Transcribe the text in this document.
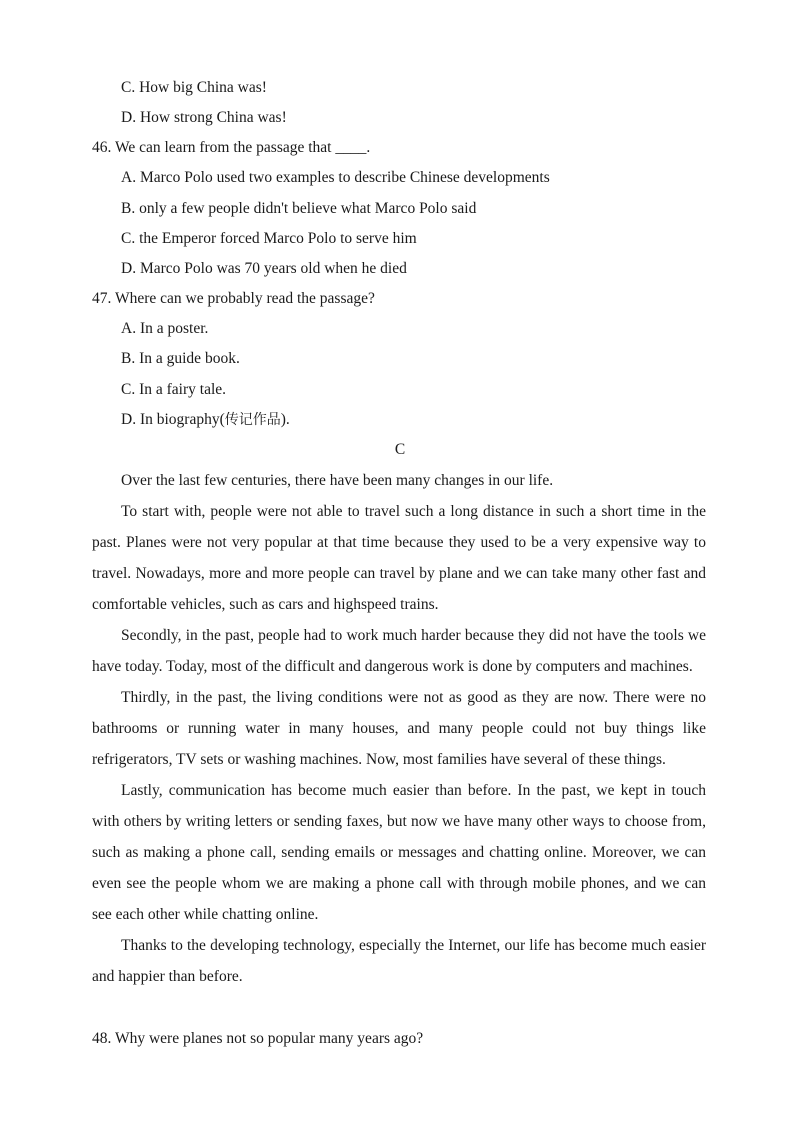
C. How big China was!
D. How strong China was!
46. We can learn from the passage that ____.
A. Marco Polo used two examples to describe Chinese developments
B. only a few people didn't believe what Marco Polo said
C. the Emperor forced Marco Polo to serve him
D. Marco Polo was 70 years old when he died
47. Where can we probably read the passage?
A. In a poster.
B. In a guide book.
C. In a fairy tale.
D. In biography(传记作品).
C
Over the last few centuries, there have been many changes in our life.
To start with, people were not able to travel such a long distance in such a short time in the past. Planes were not very popular at that time because they used to be a very expensive way to travel. Nowadays, more and more people can travel by plane and we can take many other fast and comfortable vehicles, such as cars and highspeed trains.
Secondly, in the past, people had to work much harder because they did not have the tools we have today. Today, most of the difficult and dangerous work is done by computers and machines.
Thirdly, in the past, the living conditions were not as good as they are now. There were no bathrooms or running water in many houses, and many people could not buy things like refrigerators, TV sets or washing machines. Now, most families have several of these things.
Lastly, communication has become much easier than before. In the past, we kept in touch with others by writing letters or sending faxes, but now we have many other ways to choose from, such as making a phone call, sending emails or messages and chatting online. Moreover, we can even see the people whom we are making a phone call with through mobile phones, and we can see each other while chatting online.
Thanks to the developing technology, especially the Internet, our life has become much easier and happier than before.
48. Why were planes not so popular many years ago?
